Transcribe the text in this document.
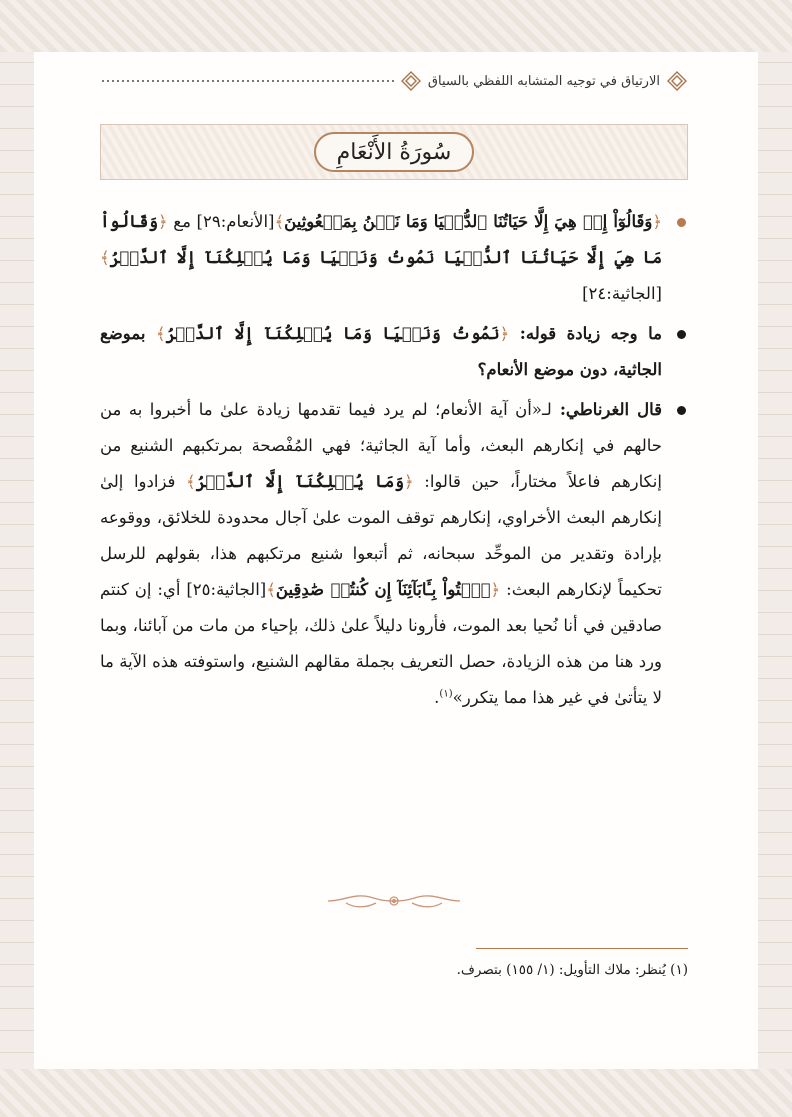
الارتياق في توجيه المتشابه اللفظي بالسياق
سُورَةُ الأَنْعَامِ
﴿وَقَالُوٓاْ إِنۡ هِيَ إِلَّا حَيَاتُنَا ٱلدُّنۡيَا وَمَا نَحۡنُ بِمَبۡعُوثِينَ﴾[الأنعام:٢٩] مع ﴿وَقَالُواْ مَا هِيَ إِلَّا حَيَاتُنَا ٱلدُّنۡيَا نَمُوتُ وَنَحۡيَا وَمَا يُهۡلِكُنَآ إِلَّا ٱلدَّهۡرُ﴾[الجاثية:٢٤]
ما وجه زيادة قوله: ﴿نَمُوتُ وَنَحۡيَا وَمَا يُهۡلِكُنَآ إِلَّا ٱلدَّهۡرُ﴾ بموضع الجاثية، دون موضع الأنعام؟
قال الغرناطي: لـ«أن آية الأنعام؛ لم يرد فيما تقدمها زيادة علىٰ ما أخبروا به من حالهم في إنكارهم البعث، وأما آية الجاثية؛ فهي المُفْصحة بمرتكبهم الشنيع من إنكارهم فاعلاً مختاراً، حين قالوا: ﴿وَمَا يُهۡلِكُنَآ إِلَّا ٱلدَّهۡرُ﴾ فزادوا إلىٰ إنكارهم البعث الأخراوي، إنكارهم توقف الموت علىٰ آجال محدودة للخلائق، ووقوعه بإرادة وتقدير من الموحِّد سبحانه، ثم أتبعوا شنيع مرتكبهم هذا، بقولهم للرسل تحكيماً لإنكارهم البعث: ﴿ٱئۡتُواْ بِـَٔابَآئِنَآ إِن كُنتُمۡ صَٰدِقِينَ﴾[الجاثية:٢٥] أي: إن كنتم صادقين في أنا نُحيا بعد الموت، فأرونا دليلاً علىٰ ذلك، بإحياء من مات من آبائنا، وبما ورد هنا من هذه الزيادة، حصل التعريف بجملة مقالهم الشنيع، واستوفته هذه الآية ما لا يتأتىٰ في غير هذا مما يتكرر»$^{(١)}$.
(١) يُنظر: ملاك التأويل: (١/ ١٥٥) بتصرف.
